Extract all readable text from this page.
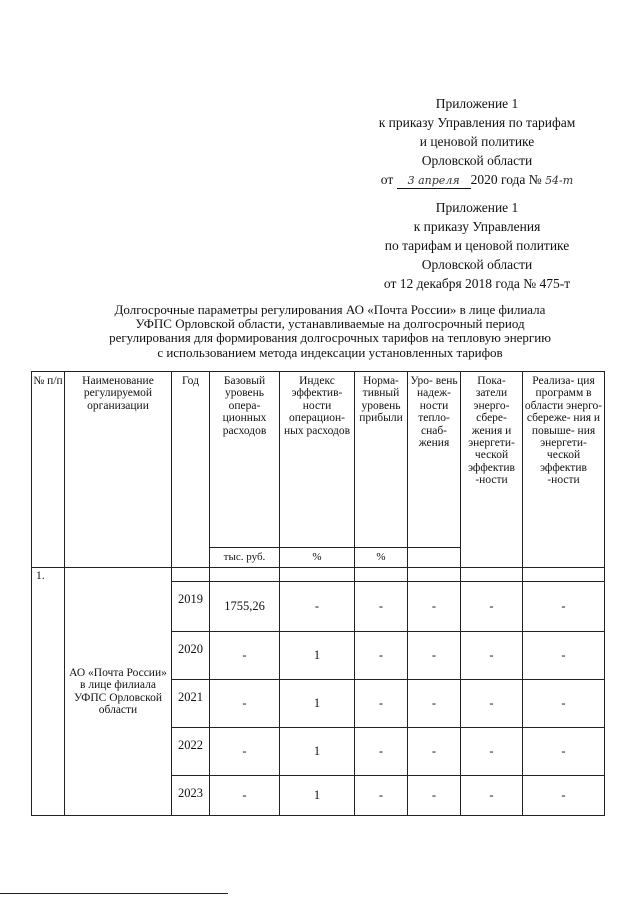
Приложение 1
к приказу Управления по тарифам
и ценовой политике
Орловской области
от 3 апреля 2020 года № 54-т
Приложение 1
к приказу Управления
по тарифам и ценовой политике
Орловской области
от 12 декабря 2018 года № 475-т
Долгосрочные параметры регулирования АО «Почта России» в лице филиала
УФПС Орловской области, устанавливаемые на долгосрочный период
регулирования для формирования долгосрочных тарифов на тепловую энергию
с использованием метода индексации установленных тарифов
№ п/п	Наименование регулируемой организации	Год	Базовый уровень опера- ционных расходов	Индекс эффектив- ности операцион- ных расходов	Норма- тивный уровень прибыли	Уро- вень надеж- ности тепло- снаб- жения	Пока- затели энерго- сбере- жения и энергети- ческой эффектив -ности	Реализа- ция программ в области энерго- сбереже- ния и повыше- ния энергети- ческой эффектив -ности
			тыс. руб.	%	%			
1.	АО «Почта России» в лице филиала УФПС Орловской области							
		2019	1755,26	-	-	-	-	-
		2020	-	1	-	-	-	-
		2021	-	1	-	-	-	-
		2022	-	1	-	-	-	-
		2023	-	1	-	-	-	-
